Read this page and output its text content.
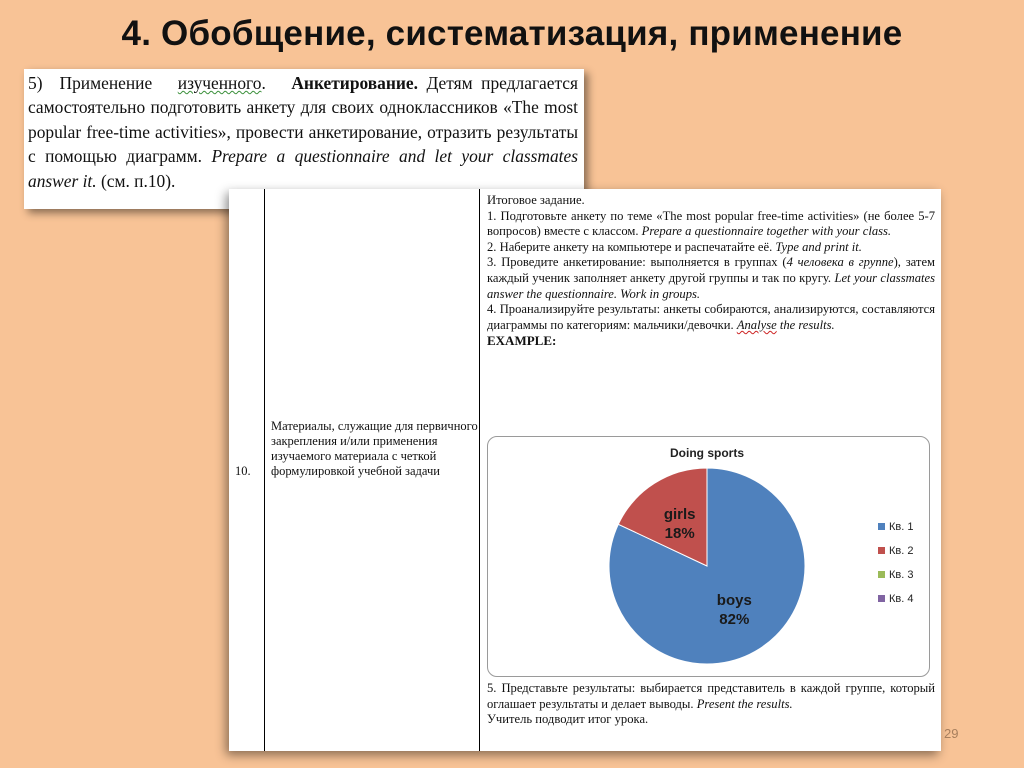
4. Обобщение, систематизация, применение
5) Применение изученного. Анкетирование. Детям предлагается самостоятельно подготовить анкету для своих одноклассников «The most popular free-time activities», провести анкетирование, отразить результаты с помощью диаграмм. Prepare a questionnaire and let your classmates answer it. (см. п.10).
10.
Материалы, служащие для первичного закрепления и/или применения изучаемого материала с четкой формулировкой учебной задачи

Итоговое задание.

1. Подготовьте анкету по теме «The most popular free-time activities» (не более 5-7 вопросов) вместе с классом. Prepare a questionnaire together with your class.

2. Наберите анкету на компьютере и распечатайте её. Type and print it.

3. Проведите анкетирование: выполняется в группах (4 человека в группе), затем каждый ученик заполняет анкету другой группы и так по кругу. Let your classmates answer the questionnaire. Work in groups.

4. Проанализируйте результаты: анкеты собираются, анализируются, составляются диаграммы по категориям: мальчики/девочки. Analyse the results.

EXAMPLE:

Doing sports
boys
82%
girls
18%	Кв. 1
Кв. 2
Кв. 3
Кв. 4

5. Представьте результаты: выбирается представитель в каждой группе, который оглашает результаты и делает выводы. Present the results.

Учитель подводит итог урока.

29
